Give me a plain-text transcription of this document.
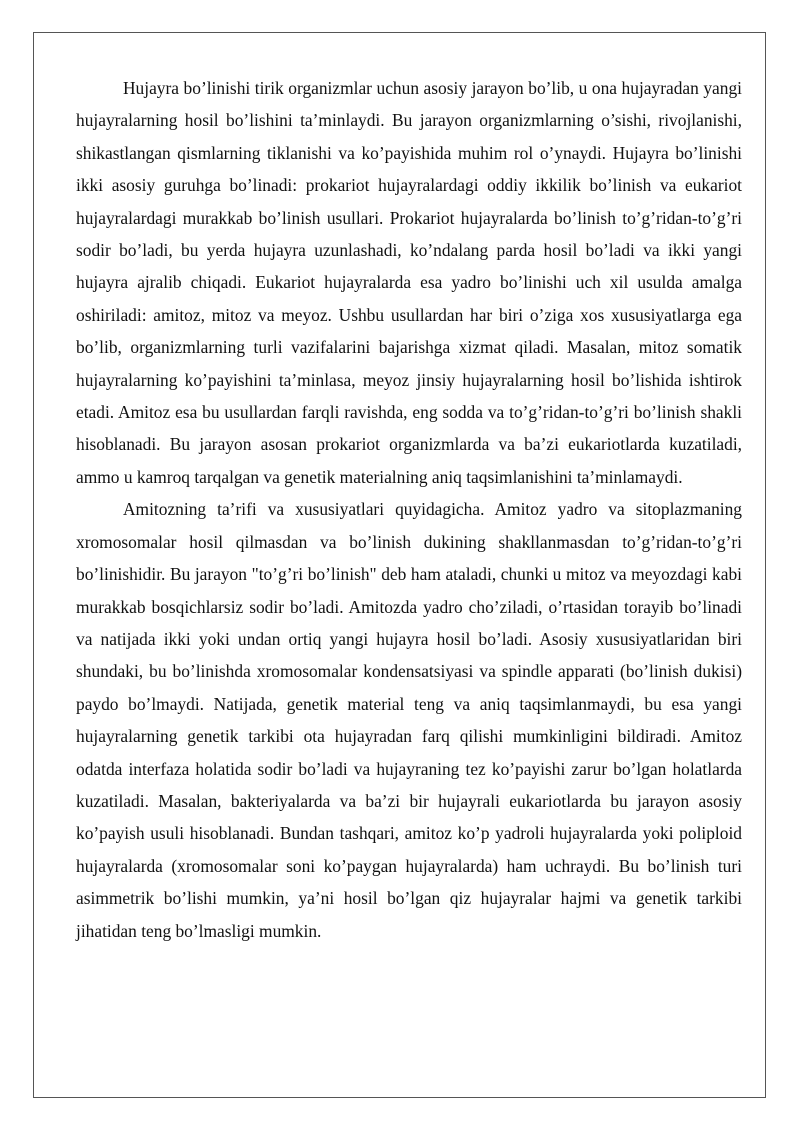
Hujayra bo’linishi tirik organizmlar uchun asosiy jarayon bo’lib, u ona hujayradan yangi hujayralarning hosil bo’lishini ta’minlaydi. Bu jarayon organizmlarning o’sishi, rivojlanishi, shikastlangan qismlarning tiklanishi va ko’payishida muhim rol o’ynaydi. Hujayra bo’linishi ikki asosiy guruhga bo’linadi: prokariot hujayralardagi oddiy ikkilik bo’linish va eukariot hujayralardagi murakkab bo’linish usullari. Prokariot hujayralarda bo’linish to’g’ridan-to’g’ri sodir bo’ladi, bu yerda hujayra uzunlashadi, ko’ndalang parda hosil bo’ladi va ikki yangi hujayra ajralib chiqadi. Eukariot hujayralarda esa yadro bo’linishi uch xil usulda amalga oshiriladi: amitoz, mitoz va meyoz. Ushbu usullardan har biri o’ziga xos xususiyatlarga ega bo’lib, organizmlarning turli vazifalarini bajarishga xizmat qiladi. Masalan, mitoz somatik hujayralarning ko’payishini ta’minlasa, meyoz jinsiy hujayralarning hosil bo’lishida ishtirok etadi. Amitoz esa bu usullardan farqli ravishda, eng sodda va to’g’ridan-to’g’ri bo’linish shakli hisoblanadi. Bu jarayon asosan prokariot organizmlarda va ba’zi eukariotlarda kuzatiladi, ammo u kamroq tarqalgan va genetik materialning aniq taqsimlanishini ta’minlamaydi.

Amitozning ta’rifi va xususiyatlari quyidagicha. Amitoz yadro va sitoplazmaning xromosomalar hosil qilmasdan va bo’linish dukining shakllanmasdan to’g’ridan-to’g’ri bo’linishidir. Bu jarayon "to’g’ri bo’linish" deb ham ataladi, chunki u mitoz va meyozdagi kabi murakkab bosqichlarsiz sodir bo’ladi. Amitozda yadro cho’ziladi, o’rtasidan torayib bo’linadi va natijada ikki yoki undan ortiq yangi hujayra hosil bo’ladi. Asosiy xususiyatlaridan biri shundaki, bu bo’linishda xromosomalar kondensatsiyasi va spindle apparati (bo’linish dukisi) paydo bo’lmaydi. Natijada, genetik material teng va aniq taqsimlanmaydi, bu esa yangi hujayralarning genetik tarkibi ota hujayradan farq qilishi mumkinligini bildiradi. Amitoz odatda interfaza holatida sodir bo’ladi va hujayraning tez ko’payishi zarur bo’lgan holatlarda kuzatiladi. Masalan, bakteriyalarda va ba’zi bir hujayrali eukariotlarda bu jarayon asosiy ko’payish usuli hisoblanadi. Bundan tashqari, amitoz ko’p yadroli hujayralarda yoki poliploid hujayralarda (xromosomalar soni ko’paygan hujayralarda) ham uchraydi. Bu bo’linish turi asimmetrik bo’lishi mumkin, ya’ni hosil bo’lgan qiz hujayralar hajmi va genetik tarkibi jihatidan teng bo’lmasligi mumkin.
